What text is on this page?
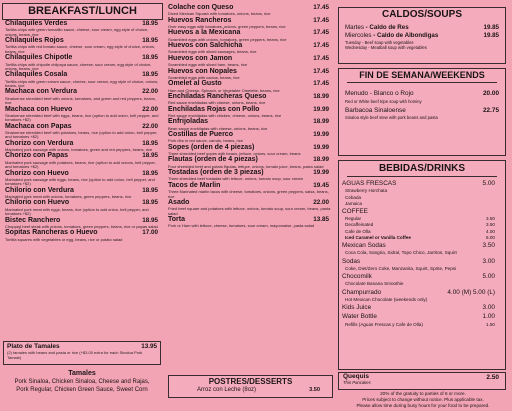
BREAKFAST/LUNCH
Chilaquiles Verdes	18.95
Tortilla chips with green tomatillo sauce, cheese, sour cream, egg style of choice, onions, beans, rice
Chilaquiles Rojos	18.95
Tortilla chips with red tomato sauce, cheese, sour cream, egg style of choice, onions, beans, rice
Chilaquiles Chipotle	18.95
Tortilla chips with chipotle chilpaya sauce, cheese, sour cream, egg style of choice, onions, beans, rice
Chilaquiles Cosala	18.95
Tortilla chips with green cream sauce, cheese, sour cream, egg style of choice, onions, beans, rice
Machaca con Verdura	22.00
Sinaloense shredded beef with onions, tomatoes, and green and red peppers, beans, rice
Machaca con Huevo	22.00
Sinaloense shredded beef with eggs, beans, rice (option to add onion, bell pepper, and tomatoes +$2)
Machaca con Papas	22.00
Sinaloense shredded beef with potatoes, beans, rice (option to add onion, bell pepper, and tomatoes +$2)
Chorizo con Verdura	18.95
Marinated pork sausage with onions, tomatoes, green and red peppers, beans, rice
Chorizo con Papas	18.95
Marinated pork sausage with potatoes, beans, rice (option to add onions, bell pepper, and tomatoes +$2)
Chorizo con Huevo	18.95
Marinated pork sausage with eggs, beans, rice (option to add onion, bell pepper, and tomatoes +$2)
Chilorio con Verdura	18.95
Marinated pork meat with onions, tomatoes, green peppers, beans, rice
Chilorio con Huevo	18.95
Marinated pork meat with eggs, beans, rice (option to add onion, bell pepper, and tomatoes +$2)
Bistec Ranchero	18.95
Chopped beef steak with onions, tomatoes, green peppers, beans, rice or papas salad
Sopitas Rancheras o Huevo	17.00
Tortilla squares with vegetables or egg, beans, rice or potato salad
Plato de Tamales	13.95
(2) tamales with beans and pasta or rice (+$3.00 extra for each Sinaloa Pork Tamale)
Tamales
Pork Sinaloa, Chicken Sinaloa, Cheese and Rajas,
Pork Regular, Chicken Green Sauce, Sweet Corn
Colache con Queso	17.45
Diced Mexican Squash with tomatoes, onions, beans, rice
Huevos Rancheros	17.45
Over easy eggs with tomatoes, onions, green peppers, beans, rice
Huevos a la Mexicana	17.45
Scrambled eggs with onions, tomatoes, green peppers, beans, rice
Huevos con Salchicha	17.45
Scrambled eggs with sliced sausages, beans, rice
Huevos con Jamon	17.45
Scrambled eggs with sliced ham, beans, rice
Huevos con Nopales	17.45
Scrambled eggs with cactus, beans, rice
Omelet al Gusto	17.45
Ham and Cheese, Spinach, or Vegetable Omelette, beans, rice
Enchiladas Rancheras Queso	18.99
Red sauce enchiladas with cheese, onions, beans, rice
Enchiladas Rojas con Pollo	19.99
Red sauce enchiladas with chicken, cheese, onions, beans, rice
Enfrijoladas	18.99
Bean sauce enchiladas with cheese, onions, beans, rice
Costillas de Puerco	19.99
Pork ribs in red sauce, carrots, beans, rice
Sopes (orden de 4 piezas)	19.99
Three shredded beef sopes with beans, lettuce, onions, sour cream, beans
Flautas (orden de 4 piezas)	18.99
Four shredded beef and potato flautas, lettuce, onions, tomato juice, beans, pasta salad
Tostadas (orden de 3 piezas)	19.99
Three shredded beef tostadas with lettuce, onions, tomato soup, sour cream
Tacos de Marlin	19.45
Three Marinated marlin tacos with cheese, tomatoes, onions, green peppers, salsa, beans, rice
Asado	22.00
Fried beef square and potatoes with lettuce, onions, tomato soup, sour cream, beans, pasta salad
Torta	13.85
Pork or Ham with lettuce, cheese, tomatoes, sour cream, mayonnaise, pasta salad
POSTRES/DESSERTS
Arroz con Leche (8oz)	3.50
CALDOS/SOUPS
Martes - Caldo de Res	19.85
Miercoles - Caldo de Albondigas	19.85
Tuesday - Beef soup with vegetables
Wednesday - Meatball soup with vegetables
FIN DE SEMANA/WEEKENDS
Menudo - Blanco o Rojo	20.00
Red or White beef tripe soup with hominy
Barbacoa Sinaloense	22.75
Sinaloa style beef stew with pork beans and pasta
BEBIDAS/DRINKS
AGUAS FRESCAS	5.00
Strawberry Horchata
Cebada
Jamaica
COFFEE
Regular	3.50
Decaffeinated	3.50
Cafe de Olla	4.00
Iced Caramel or Vanilla Coffee	6.00
Mexican Sodas	3.50
Coca Cola, Sangria, Sidral, Topo Chico, Jarritos, Squirt
Sodas	3.00
Coke, Diet/Zero Coke, Manzanita, Squirt, Sprite, Pepsi
Chocomilk	5.00
Chocolate Banana Smoothie
Champurrado	4.00 (M) 5.00 (L)
Hot Mexican Chocolate (weekends only)
Kids Juice	3.00
Water Bottle	1.00
Refills (Aguas Frescas y Cafe de Olla)	1.50
Quequis	2.50
Thin Pancakes
20% of the gratuity to parties of 6 or more.
Prices subject to change without notice. Plus applicable tax.
Please allow time during busy hours for your food to be prepared.
